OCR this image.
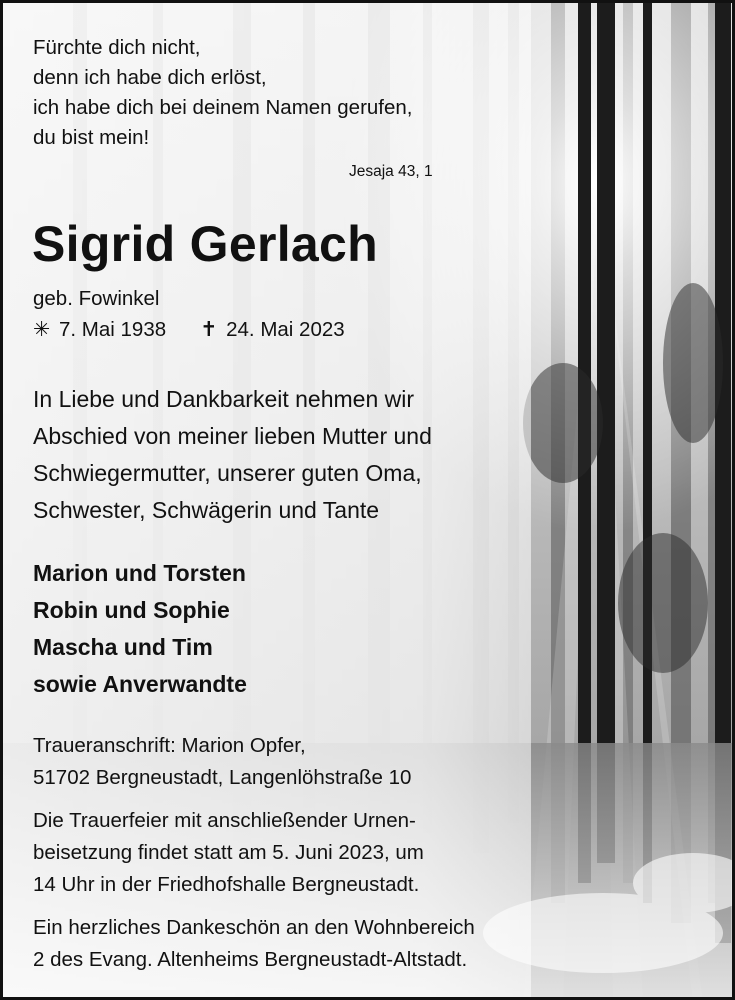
Fürchte dich nicht,
denn ich habe dich erlöst,
ich habe dich bei deinem Namen gerufen,
du bist mein!
Jesaja 43, 1
Sigrid Gerlach
geb. Fowinkel
✳ 7. Mai 1938 ✝ 24. Mai 2023
In Liebe und Dankbarkeit nehmen wir
Abschied von meiner lieben Mutter und
Schwiegermutter, unserer guten Oma,
Schwester, Schwägerin und Tante
Marion und Torsten
Robin und Sophie
Mascha und Tim
sowie Anverwandte
Traueranschrift: Marion Opfer,
51702 Bergneustadt, Langenlöhstraße 10
Die Trauerfeier mit anschließender Urnen-
beisetzung findet statt am 5. Juni 2023, um
14 Uhr in der Friedhofshalle Bergneustadt.
Ein herzliches Dankeschön an den Wohnbereich
2 des Evang. Altenheims Bergneustadt-Altstadt.
